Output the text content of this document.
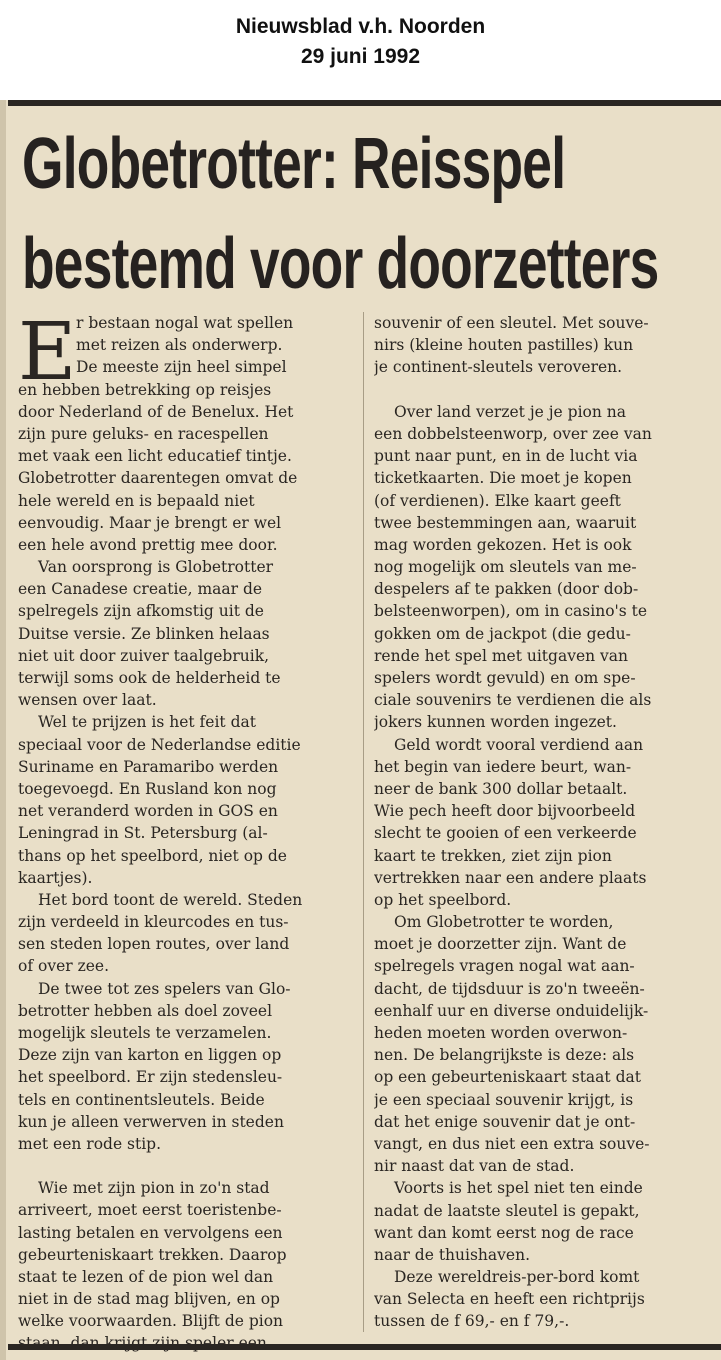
Nieuwsblad v.h. Noorden
29 juni 1992
Globetrotter: Reisspel
bestemd voor doorzetters
E r bestaan nogal wat spellen
met reizen als onderwerp.
De meeste zijn heel simpel
en hebben betrekking op reisjes
door Nederland of de Benelux. Het
zijn pure geluks- en racespellen
met vaak een licht educatief tintje.
Globetrotter daarentegen omvat de
hele wereld en is bepaald niet
eenvoudig. Maar je brengt er wel
een hele avond prettig mee door.
Van oorsprong is Globetrotter
een Canadese creatie, maar de
spelregels zijn afkomstig uit de
Duitse versie. Ze blinken helaas
niet uit door zuiver taalgebruik,
terwijl soms ook de helderheid te
wensen over laat.
Wel te prijzen is het feit dat
speciaal voor de Nederlandse editie
Suriname en Paramaribo werden
toegevoegd. En Rusland kon nog
net veranderd worden in GOS en
Leningrad in St. Petersburg (al-
thans op het speelbord, niet op de
kaartjes).
Het bord toont de wereld. Steden
zijn verdeeld in kleurcodes en tus-
sen steden lopen routes, over land
of over zee.
De twee tot zes spelers van Glo-
betrotter hebben als doel zoveel
mogelijk sleutels te verzamelen.
Deze zijn van karton en liggen op
het speelbord. Er zijn stedensleu-
tels en continentsleutels. Beide
kun je alleen verwerven in steden
met een rode stip.
Wie met zijn pion in zo'n stad
arriveert, moet eerst toeristenbe-
lasting betalen en vervolgens een
gebeurteniskaart trekken. Daarop
staat te lezen of de pion wel dan
niet in de stad mag blijven, en op
welke voorwaarden. Blijft de pion
souvenir of een sleutel. Met souve-
nirs (kleine houten pastilles) kun
je continent-sleutels veroveren.
Over land verzet je je pion na
een dobbelsteenworp, over zee van
punt naar punt, en in de lucht via
ticketkaarten. Die moet je kopen
(of verdienen). Elke kaart geeft
twee bestemmingen aan, waaruit
mag worden gekozen. Het is ook
nog mogelijk om sleutels van me-
despelers af te pakken (door dob-
belsteenworpen), om in casino's te
gokken om de jackpot (die gedu-
rende het spel met uitgaven van
spelers wordt gevuld) en om spe-
ciale souvenirs te verdienen die als
jokers kunnen worden ingezet.
Geld wordt vooral verdiend aan
het begin van iedere beurt, wan-
neer de bank 300 dollar betaalt.
Wie pech heeft door bijvoorbeeld
slecht te gooien of een verkeerde
kaart te trekken, ziet zijn pion
vertrekken naar een andere plaats
op het speelbord.
Om Globetrotter te worden,
moet je doorzetter zijn. Want de
spelregels vragen nogal wat aan-
dacht, de tijdsduur is zo'n tweeën-
eenhalf uur en diverse onduidelijk-
heden moeten worden overwon-
nen. De belangrijkste is deze: als
op een gebeurteniskaart staat dat
je een speciaal souvenir krijgt, is
dat het enige souvenir dat je ont-
vangt, en dus niet een extra souve-
nir naast dat van de stad.
Voorts is het spel niet ten einde
nadat de laatste sleutel is gepakt,
want dan komt eerst nog de race
naar de thuishaven.
Deze wereldreis-per-bord komt
van Selecta en heeft een richtprijs
tussen de f 69,- en f 79,-.
